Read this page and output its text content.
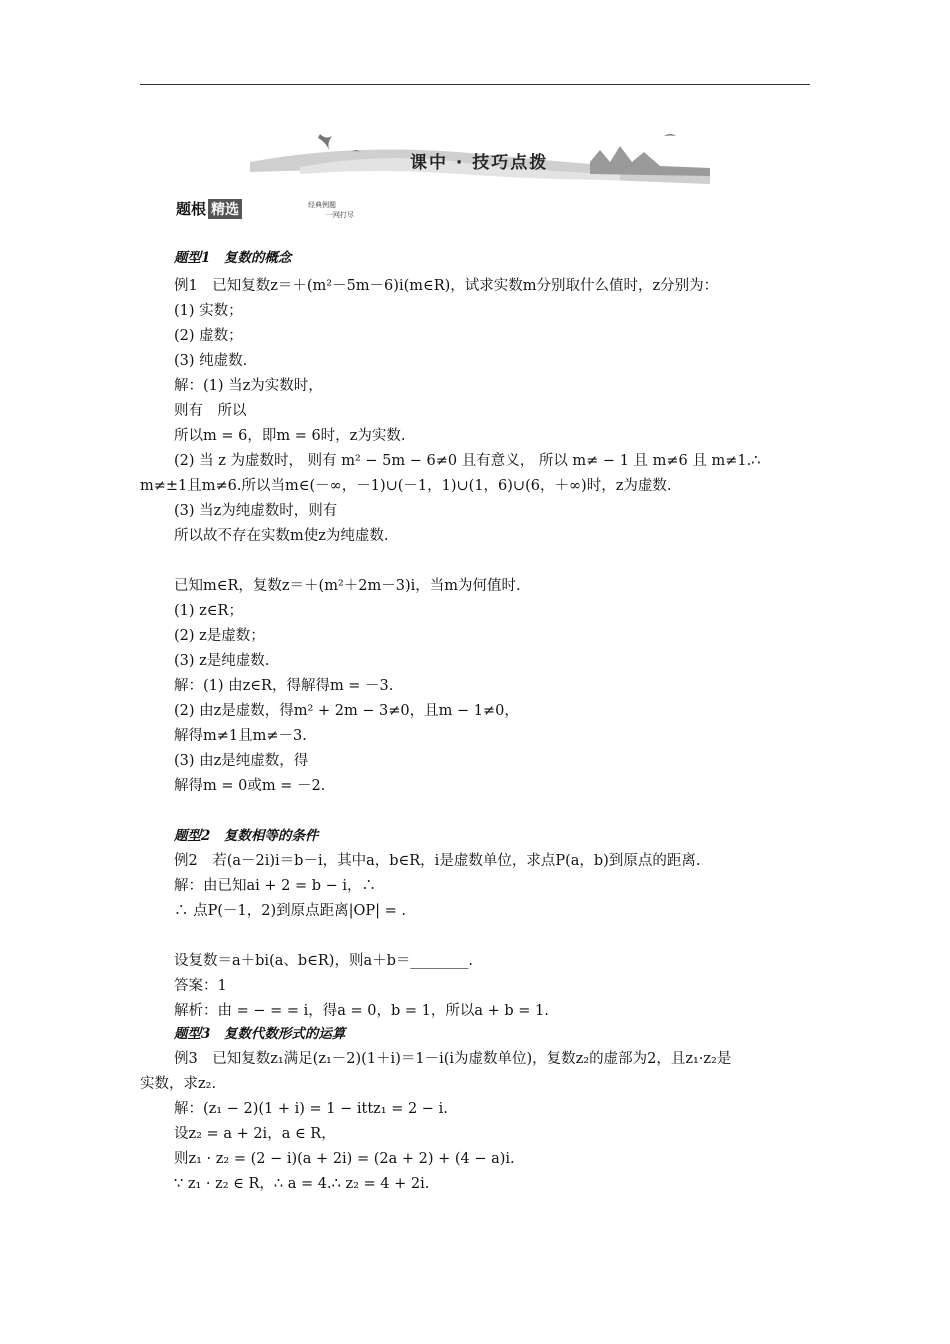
课中 · 技巧点拨
题根 精选	经典例题
一网打尽
题型1　复数的概念
例1　已知复数z＝＋(m²－5m－6)i(m∈R)，试求实数m分别取什么值时，z分别为：
(1) 实数；
(2) 虚数；
(3) 纯虚数.
解：(1) 当z为实数时，
则有　所以
所以m = 6，即m = 6时，z为实数.
(2) 当 z 为虚数时， 则有 m² − 5m − 6≠0 且有意义， 所以 m≠ − 1 且 m≠6 且 m≠1.∴
m≠±1且m≠6.所以当m∈(－∞，－1)∪(－1，1)∪(1，6)∪(6，＋∞)时，z为虚数.
(3) 当z为纯虚数时，则有
所以故不存在实数m使z为纯虚数.
已知m∈R，复数z＝＋(m²＋2m－3)i，当m为何值时.
(1) z∈R；
(2) z是虚数；
(3) z是纯虚数.
解：(1) 由z∈R，得解得m = －3.
(2) 由z是虚数，得m² + 2m − 3≠0，且m − 1≠0，
解得m≠1且m≠－3.
(3) 由z是纯虚数，得
解得m = 0或m = －2.
题型2　复数相等的条件
例2　若(a－2i)i＝b－i，其中a，b∈R，i是虚数单位，求点P(a，b)到原点的距离.
解：由已知ai + 2 = b − i，∴
∴ 点P(－1，2)到原点距离|OP| = .
设复数＝a＋bi(a、b∈R)，则a＋b＝________.
答案：1
解析：由 = − = = i，得a = 0，b = 1，所以a + b = 1.
题型3　复数代数形式的运算
例3　已知复数z₁满足(z₁－2)(1＋i)＝1－i(i为虚数单位)，复数z₂的虚部为2，且z₁·z₂是
实数，求z₂.
解：(z₁ − 2)(1 + i) = 1 − ittz₁ = 2 − i.
设z₂ = a + 2i，a ∈ R，
则z₁ · z₂ = (2 − i)(a + 2i) = (2a + 2) + (4 − a)i.
∵ z₁ · z₂ ∈ R，∴ a = 4.∴ z₂ = 4 + 2i.
